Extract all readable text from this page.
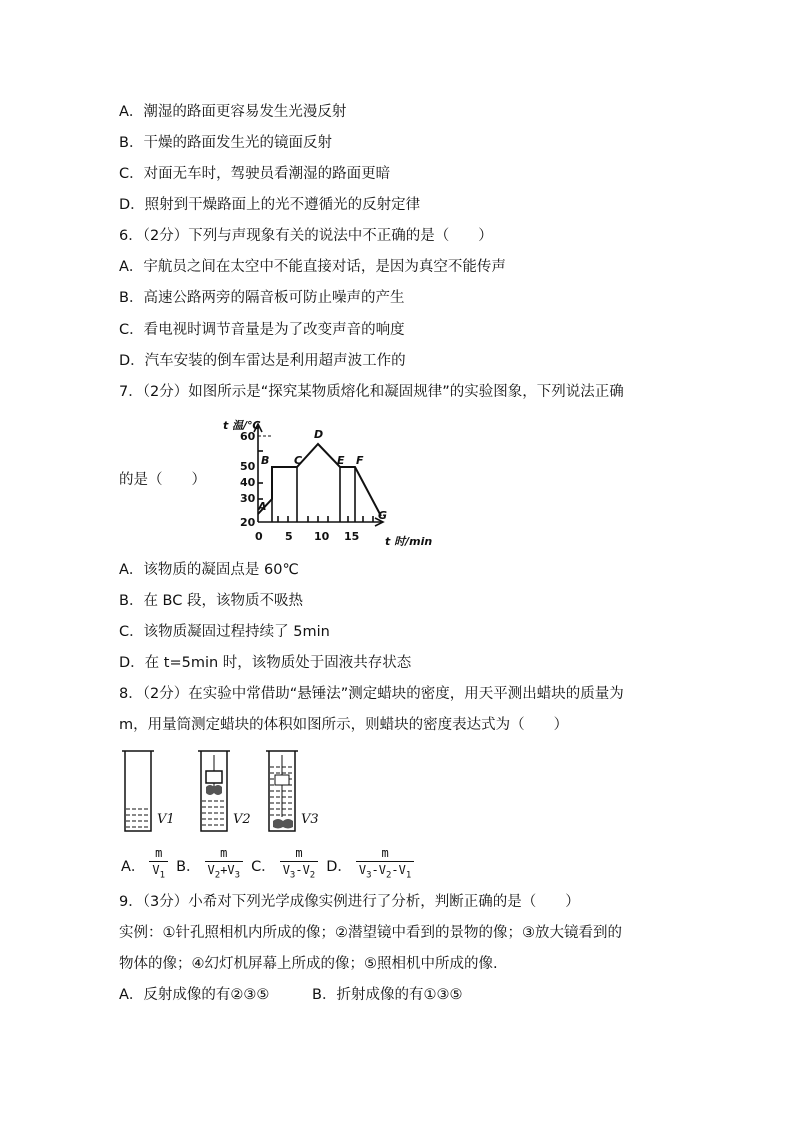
A．潮湿的路面更容易发生光漫反射
B．干燥的路面发生光的镜面反射
C．对面无车时，驾驶员看潮湿的路面更暗
D．照射到干燥路面上的光不遵循光的反射定律
6．（2分）下列与声现象有关的说法中不正确的是（　　）
A．宇航员之间在太空中不能直接对话，是因为真空不能传声
B．高速公路两旁的隔音板可防止噪声的产生
C．看电视时调节音量是为了改变声音的响度
D．汽车安装的倒车雷达是利用超声波工作的
7．（2分）如图所示是“探究某物质熔化和凝固规律”的实验图象，下列说法正确
的是（　　）
t 温/℃
t 时/min
A
B C
D
E F
G
20
30
40
50
60
0 5 10 15
A．该物质的凝固点是 60℃
B．在 BC 段，该物质不吸热
C．该物质凝固过程持续了 5min
D．在 t=5min 时，该物质处于固液共存状态
8．（2分）在实验中常借助“悬锤法”测定蜡块的密度，用天平测出蜡块的质量为
m，用量筒测定蜡块的体积如图所示，则蜡块的密度表达式为（　　）
V1	V2	V3
A． $\frac{m}{V_1}$ B． $\frac{m}{V_2+V_3}$ C． $\frac{m}{V_3-V_2}$ D． $\frac{m}{V_3-V_2-V_1}$
9．（3分）小希对下列光学成像实例进行了分析，判断正确的是（　　）
实例：①针孔照相机内所成的像；②潜望镜中看到的景物的像；③放大镜看到的
物体的像；④幻灯机屏幕上所成的像；⑤照相机中所成的像.
A．反射成像的有②③⑤	B．折射成像的有①③⑤
